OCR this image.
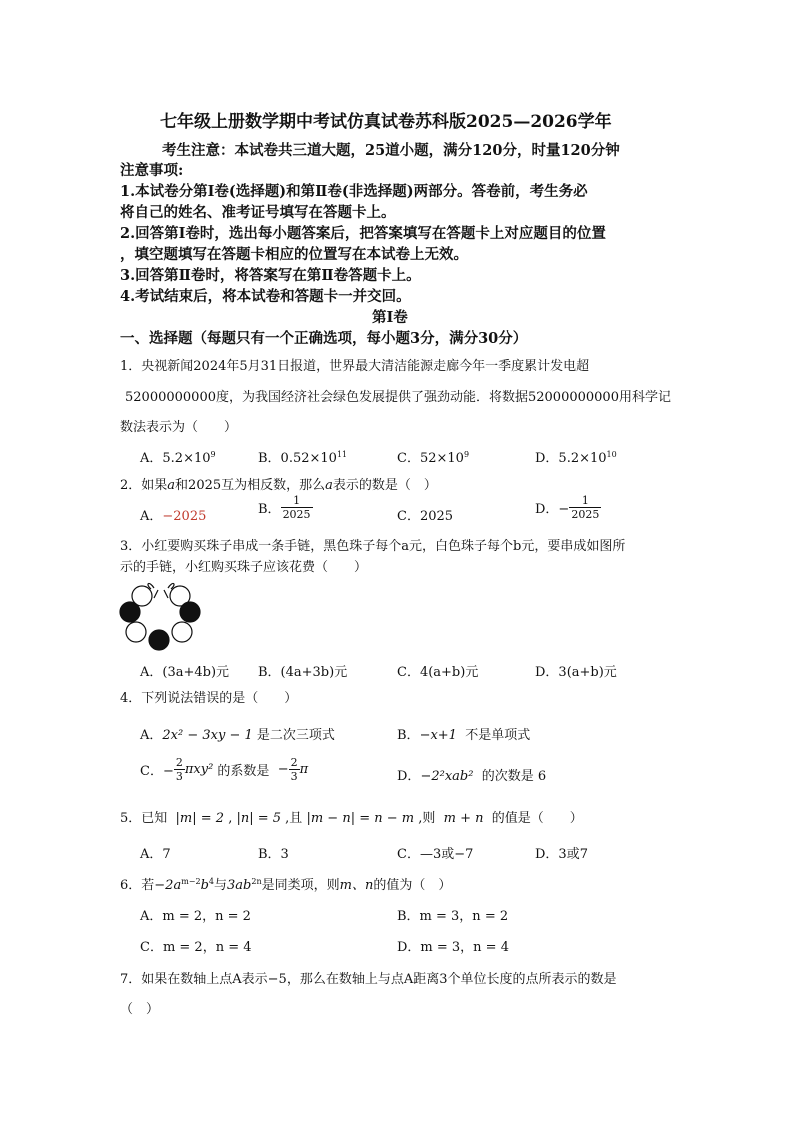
七年级上册数学期中考试仿真试卷苏科版2025—2026学年
考生注意：本试卷共三道大题，25道小题，满分120分，时量120分钟
注意事项:
1.本试卷分第Ⅰ卷(选择题)和第Ⅱ卷(非选择题)两部分。答卷前，考生务必
将自己的姓名、准考证号填写在答题卡上。
2.回答第Ⅰ卷时，选出每小题答案后，把答案填写在答题卡上对应题目的位置
，填空题填写在答题卡相应的位置写在本试卷上无效。
3.回答第Ⅱ卷时，将答案写在第Ⅱ卷答题卡上。
4.考试结束后，将本试卷和答题卡一并交回。
第Ⅰ卷
一、选择题（每题只有一个正确选项，每小题3分，满分30分）
1．央视新闻2024年5月31日报道，世界最大清洁能源走廊今年一季度累计发电超
52000000000度，为我国经济社会绿色发展提供了强劲动能．将数据52000000000用科学记
数法表示为（　　）
A．$5.2\times 10^9$	B．$0.52\times 10^{11}$	C．$52\times 10^9$	D．$5.2\times 10^{10}$
2．如果a和2025互为相反数，那么a表示的数是（　）
A．−2025	B． $\frac{1}{2025}$	C．2025	D．− $\frac{1}{2025}$
3．小红要购买珠子串成一条手链，黑色珠子每个a元，白色珠子每个b元，要串成如图所
示的手链，小红购买珠子应该花费（　　）
A．(3a+4b)元 B．(4a+3b)元	C．4(a+b)元	D．3(a+b)元
4．下列说法错误的是（　　）
A．2x² − 3xy − 1 是二次三项式	B．−x+1 不是单项式
C．− $\frac{2}{3} \pi xy^2$ 的系数是 − $\frac{2}{3}$ π	D．−2²xab² 的次数是 6
5．已知 |m| = 2 , |n| = 5 ,且 |m − n| = n − m ,则 m + n 的值是（　　）
A．7	B．3	C．—3或−7	D．3或7
6．若$-2a^{m-2}b^4$与$3ab^{2n}$是同类项，则m、n的值为（　）
A．m = 2，n = 2	B．m = 3，n = 2
C．m = 2，n = 4	D．m = 3，n = 4
7．如果在数轴上点A表示−5，那么在数轴上与点A距离3个单位长度的点所表示的数是
（　）
